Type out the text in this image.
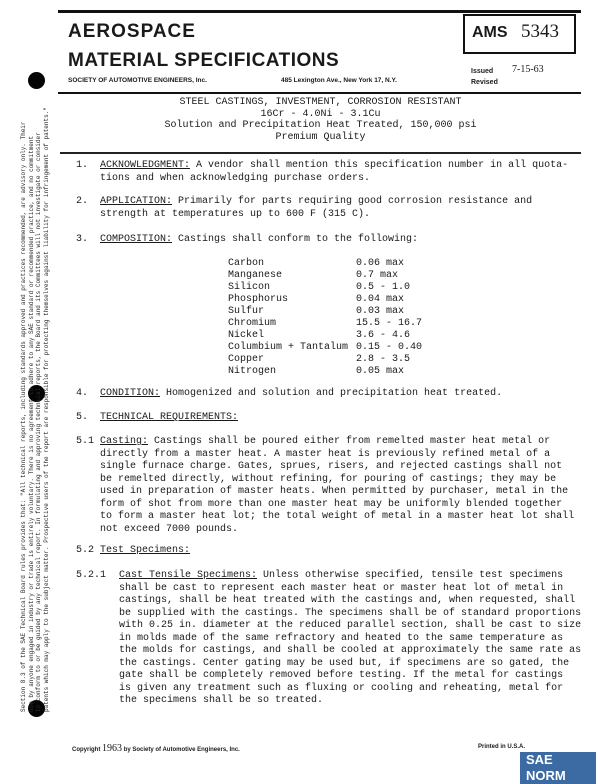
Section 8.3 of the SAE Technical Board rules provides that: "All technical reports, including standards approved and practices recommended, are advisory only. Their use by anyone engaged in industry or trade is entirely voluntary. There is no agreement to adhere to any SAE standard or recommended practice, and no commitment to conform to or be guided by any technical report. In formulating and approving technical reports, the Board and its Committees will not investigate or consider patents which may apply to the subject matter. Prospective users of the report are responsible for protecting themselves against liability for infringement of patents."
AEROSPACE
MATERIAL SPECIFICATIONS
SOCIETY OF AUTOMOTIVE ENGINEERS, Inc.	485 Lexington Ave., New York 17, N.Y.
AMS 5343
Issued 7-15-63
Revised
STEEL CASTINGS, INVESTMENT, CORROSION RESISTANT
16Cr - 4.0Ni - 3.1Cu
Solution and Precipitation Heat Treated, 150,000 psi
Premium Quality
1. ACKNOWLEDGMENT: A vendor shall mention this specification number in all quota-
tions and when acknowledging purchase orders.
2. APPLICATION: Primarily for parts requiring good corrosion resistance and
strength at temperatures up to 600 F (315 C).
3. COMPOSITION: Castings shall conform to the following:
Carbon	0.06 max
Manganese	0.7 max
Silicon	0.5 - 1.0
Phosphorus	0.04 max
Sulfur	0.03 max
Chromium	15.5 - 16.7
Nickel	3.6 - 4.6
Columbium + Tantalum 0.15 - 0.40
Copper	2.8 - 3.5
Nitrogen	0.05 max
4. CONDITION: Homogenized and solution and precipitation heat treated.
5. TECHNICAL REQUIREMENTS:
5.1 Casting: Castings shall be poured either from remelted master heat metal or
directly from a master heat. A master heat is previously refined metal of a
single furnace charge. Gates, sprues, risers, and rejected castings shall not
be remelted directly, without refining, for pouring of castings; they may be
used in preparation of master heats. When permitted by purchaser, metal in the
form of shot from more than one master heat may be uniformly blended together
to form a master heat lot; the total weight of metal in a master heat lot shall
not exceed 7000 pounds.
5.2 Test Specimens:
5.2.1 Cast Tensile Specimens: Unless otherwise specified, tensile test specimens
shall be cast to represent each master heat or master heat lot of metal in
castings, shall be heat treated with the castings and, when requested, shall
be supplied with the castings. The specimens shall be of standard proportions
with 0.25 in. diameter at the reduced parallel section, shall be cast to size
in molds made of the same refractory and heated to the same temperature as
the molds for castings, and shall be cooled at approximately the same rate as
the castings. Center gating may be used but, if specimens are so gated, the
gate shall be completely removed before testing. If the metal for castings
is given any treatment such as fluxing or cooling and reheating, metal for
the specimens shall be so treated.
Copyright 1963 by Society of Automotive Engineers, Inc.	Printed in U.S.A.
SAE NORM
